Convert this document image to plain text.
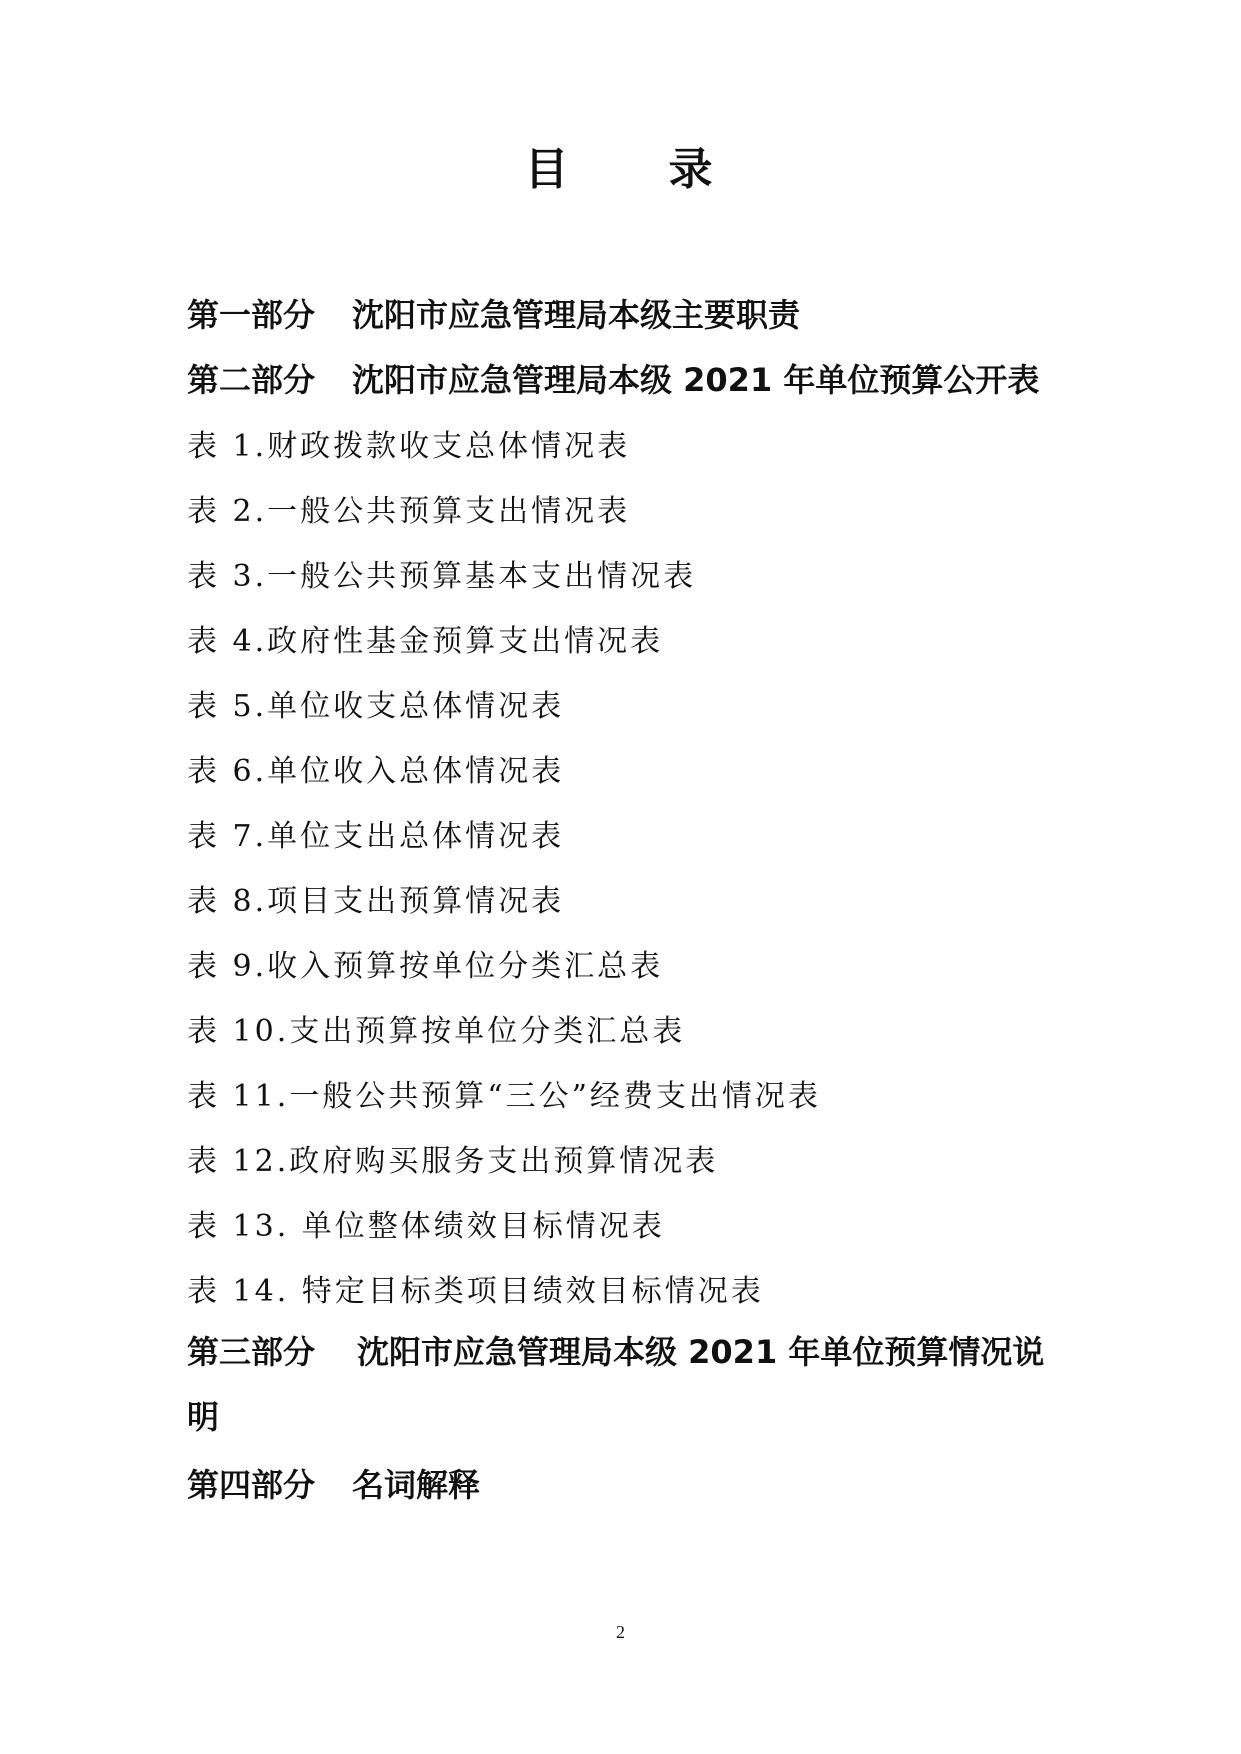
目　　录
第一部分	沈阳市应急管理局本级主要职责
第二部分	沈阳市应急管理局本级 2021 年单位预算公开表
表 1.财政拨款收支总体情况表
表 2.一般公共预算支出情况表
表 3.一般公共预算基本支出情况表
表 4.政府性基金预算支出情况表
表 5.单位收支总体情况表
表 6.单位收入总体情况表
表 7.单位支出总体情况表
表 8.项目支出预算情况表
表 9.收入预算按单位分类汇总表
表 10.支出预算按单位分类汇总表
表 11.一般公共预算“三公”经费支出情况表
表 12.政府购买服务支出预算情况表
表 13. 单位整体绩效目标情况表
表 14. 特定目标类项目绩效目标情况表
第三部分 沈阳市应急管理局本级 2021 年单位预算情况说明
第四部分	名词解释
2
